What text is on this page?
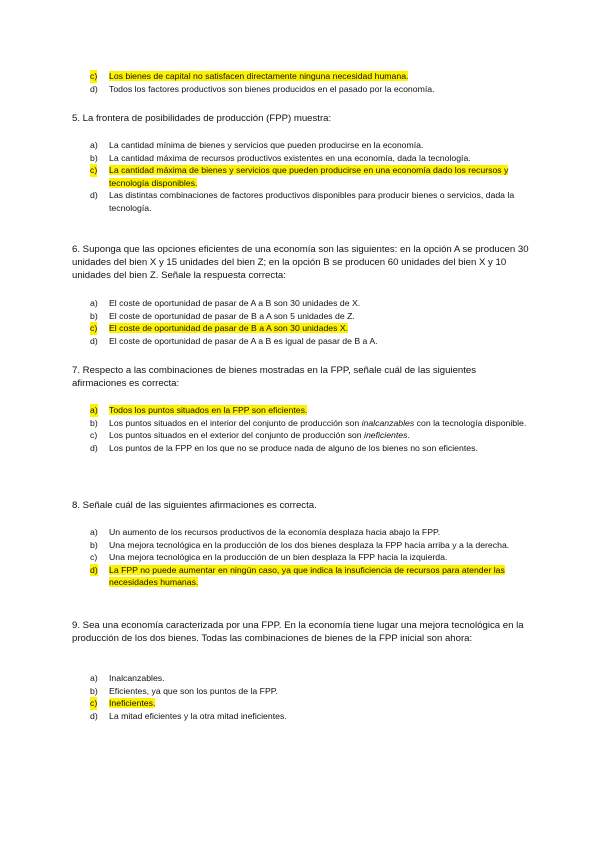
c) Los bienes de capital no satisfacen directamente ninguna necesidad humana.
d) Todos los factores productivos son bienes producidos en el pasado por la economía.
5. La frontera de posibilidades de producción (FPP) muestra:
a) La cantidad mínima de bienes y servicios que pueden producirse en la economía.
b) La cantidad máxima de recursos productivos existentes en una economía, dada la tecnología.
c) La cantidad máxima de bienes y servicios que pueden producirse en una economía dado los recursos y tecnología disponibles.
d) Las distintas combinaciones de factores productivos disponibles para producir bienes o servicios, dada la tecnología.
6. Suponga que las opciones eficientes de una economía son las siguientes: en la opción A se producen 30 unidades del bien X y 15 unidades del bien Z; en la opción B se producen 60 unidades del bien X y 10 unidades del bien Z. Señale la respuesta correcta:
a) El coste de oportunidad de pasar de A a B son 30 unidades de X.
b) El coste de oportunidad de pasar de B a A son 5 unidades de Z.
c) El coste de oportunidad de pasar de B a A son 30 unidades X.
d) El coste de oportunidad de pasar de A a B es igual de pasar de B a A.
7. Respecto a las combinaciones de bienes mostradas en la FPP, señale cuál de las siguientes afirmaciones es correcta:
a) Todos los puntos situados en la FPP son eficientes.
b) Los puntos situados en el interior del conjunto de producción son inalcanzables con la tecnología disponible.
c) Los puntos situados en el exterior del conjunto de producción son ineficientes.
d) Los puntos de la FPP en los que no se produce nada de alguno de los bienes no son eficientes.
8. Señale cuál de las siguientes afirmaciones es correcta.
a) Un aumento de los recursos productivos de la economía desplaza hacia abajo la FPP.
b) Una mejora tecnológica en la producción de los dos bienes desplaza la FPP hacia arriba y a la derecha.
c) Una mejora tecnológica en la producción de un bien desplaza la FPP hacia la izquierda.
d) La FPP no puede aumentar en ningún caso, ya que indica la insuficiencia de recursos para atender las necesidades humanas.
9. Sea una economía caracterizada por una FPP. En la economía tiene lugar una mejora tecnológica en la producción de los dos bienes. Todas las combinaciones de bienes de la FPP inicial son ahora:
a) Inalcanzables.
b) Eficientes, ya que son los puntos de la FPP.
c) Ineficientes.
d) La mitad eficientes y la otra mitad ineficientes.
